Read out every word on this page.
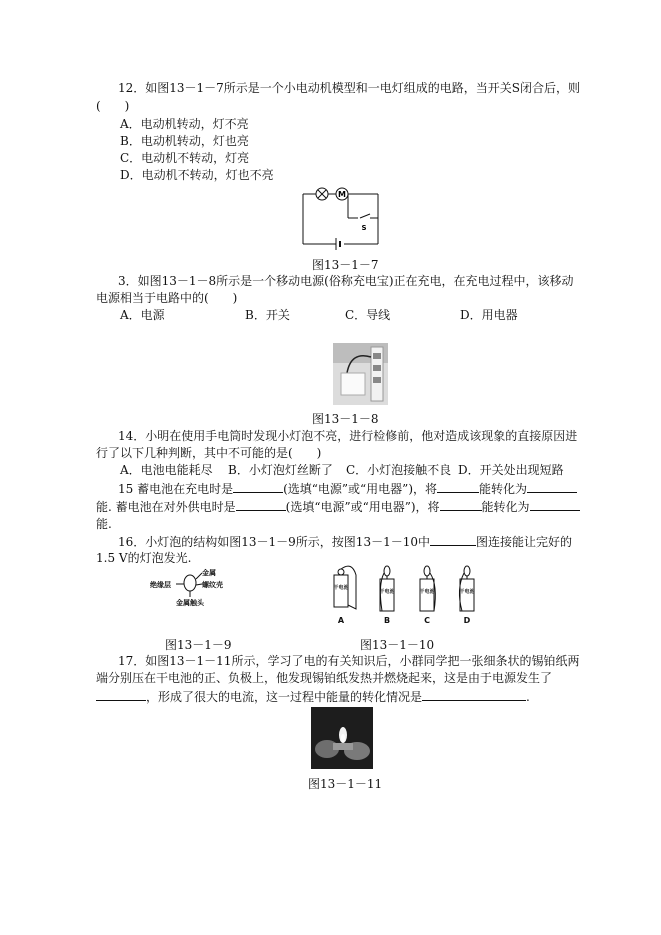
12．如图13－1－7所示是一个小电动机模型和一电灯组成的电路，当开关S闭合后，则
(　　)
A．电动机转动，灯不亮
B．电动机转动，灯也亮
C．电动机不转动，灯亮
D．电动机不转动，灯也不亮
M
S
图13－1－7
3．如图13－1－8所示是一个移动电源(俗称充电宝)正在充电，在充电过程中，该移动
电源相当于电路中的(　　)
A．电源	B．开关	C．导线	D．用电器
图13－1－8
14．小明在使用手电筒时发现小灯泡不亮，进行检修前，他对造成该现象的直接原因进
行了以下几种判断，其中不可能的是(　　)
A．电池电能耗尽 B．小灯泡灯丝断了 C．小灯泡接触不良 D．开关处出现短路
15 蓄电池在充电时是	(选填“电源”或“用电器”)，将	能转化为
能. 蓄电池在对外供电时是	(选填“电源”或“用电器”)，将	能转化为
能.
16．小灯泡的结构如图13－1－9所示，按图13－1－10中	图连接能让完好的
1.5 V的灯泡发光.
金属
绝缘层	螺纹壳
金属触头
图13－1－9
A	B	C	D
干电池
干电池	干电池	干电池
图13－1－10
17．如图13－1－11所示，学习了电的有关知识后，小群同学把一张细条状的锡铂纸两
端分别压在干电池的正、负极上，他发现锡铂纸发热并燃烧起来，这是由于电源发生了
，形成了很大的电流，这一过程中能量的转化情况是	.
图13－1－11
